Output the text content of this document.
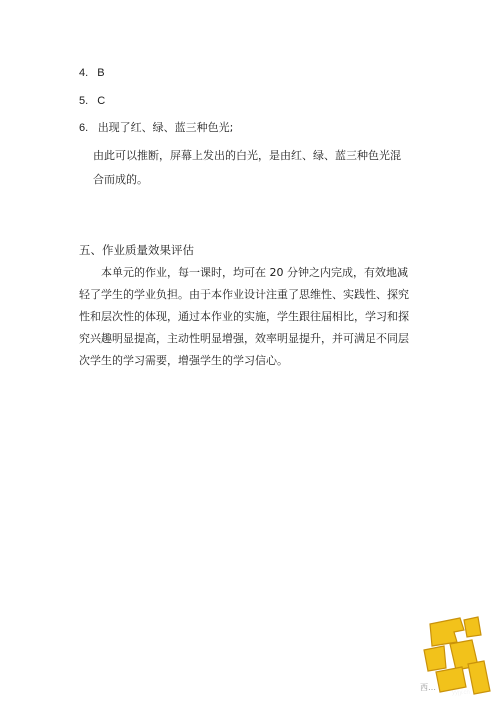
4. B
5. C
6. 出现了红、绿、蓝三种色光;
由此可以推断，屏幕上发出的白光，是由红、绿、蓝三种色光混
合而成的。
五、作业质量效果评估
本单元的作业，每一课时，均可在 20 分钟之内完成，有效地减
轻了学生的学业负担。由于本作业设计注重了思维性、实践性、探究
性和层次性的体现，通过本作业的实施，学生跟往届相比，学习和探
究兴趣明显提高，主动性明显增强，效率明显提升，并可满足不同层
次学生的学习需要，增强学生的学习信心。
西…
yyjy.cn
